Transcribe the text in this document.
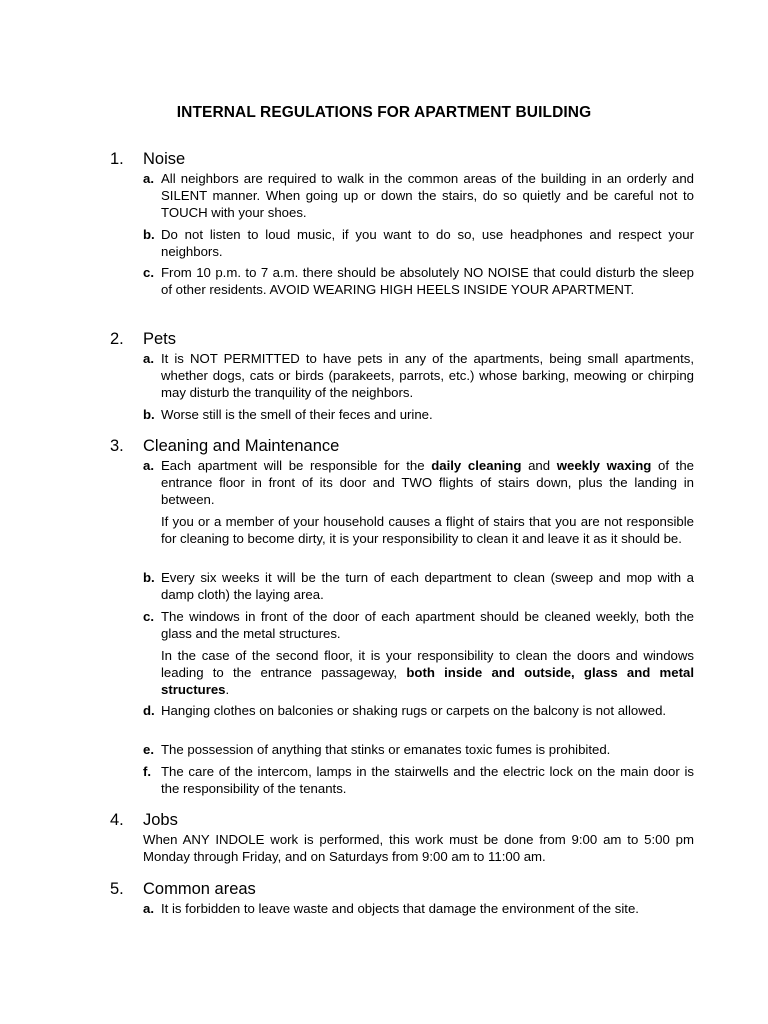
INTERNAL REGULATIONS FOR APARTMENT BUILDING
1. Noise
a. All neighbors are required to walk in the common areas of the building in an orderly and SILENT manner. When going up or down the stairs, do so quietly and be careful not to TOUCH with your shoes.
b. Do not listen to loud music, if you want to do so, use headphones and respect your neighbors.
c. From 10 p.m. to 7 a.m. there should be absolutely NO NOISE that could disturb the sleep of other residents. AVOID WEARING HIGH HEELS INSIDE YOUR APARTMENT.
2. Pets
a. It is NOT PERMITTED to have pets in any of the apartments, being small apartments, whether dogs, cats or birds (parakeets, parrots, etc.) whose barking, meowing or chirping may disturb the tranquility of the neighbors.
b. Worse still is the smell of their feces and urine.
3. Cleaning and Maintenance
a. Each apartment will be responsible for the daily cleaning and weekly waxing of the entrance floor in front of its door and TWO flights of stairs down, plus the landing in between.
If you or a member of your household causes a flight of stairs that you are not responsible for cleaning to become dirty, it is your responsibility to clean it and leave it as it should be.
b. Every six weeks it will be the turn of each department to clean (sweep and mop with a damp cloth) the laying area.
c. The windows in front of the door of each apartment should be cleaned weekly, both the glass and the metal structures.
In the case of the second floor, it is your responsibility to clean the doors and windows leading to the entrance passageway, both inside and outside, glass and metal structures.
d. Hanging clothes on balconies or shaking rugs or carpets on the balcony is not allowed.
e. The possession of anything that stinks or emanates toxic fumes is prohibited.
f. The care of the intercom, lamps in the stairwells and the electric lock on the main door is the responsibility of the tenants.
4. Jobs
When ANY INDOLE work is performed, this work must be done from 9:00 am to 5:00 pm Monday through Friday, and on Saturdays from 9:00 am to 11:00 am.
5. Common areas
a. It is forbidden to leave waste and objects that damage the environment of the site.
